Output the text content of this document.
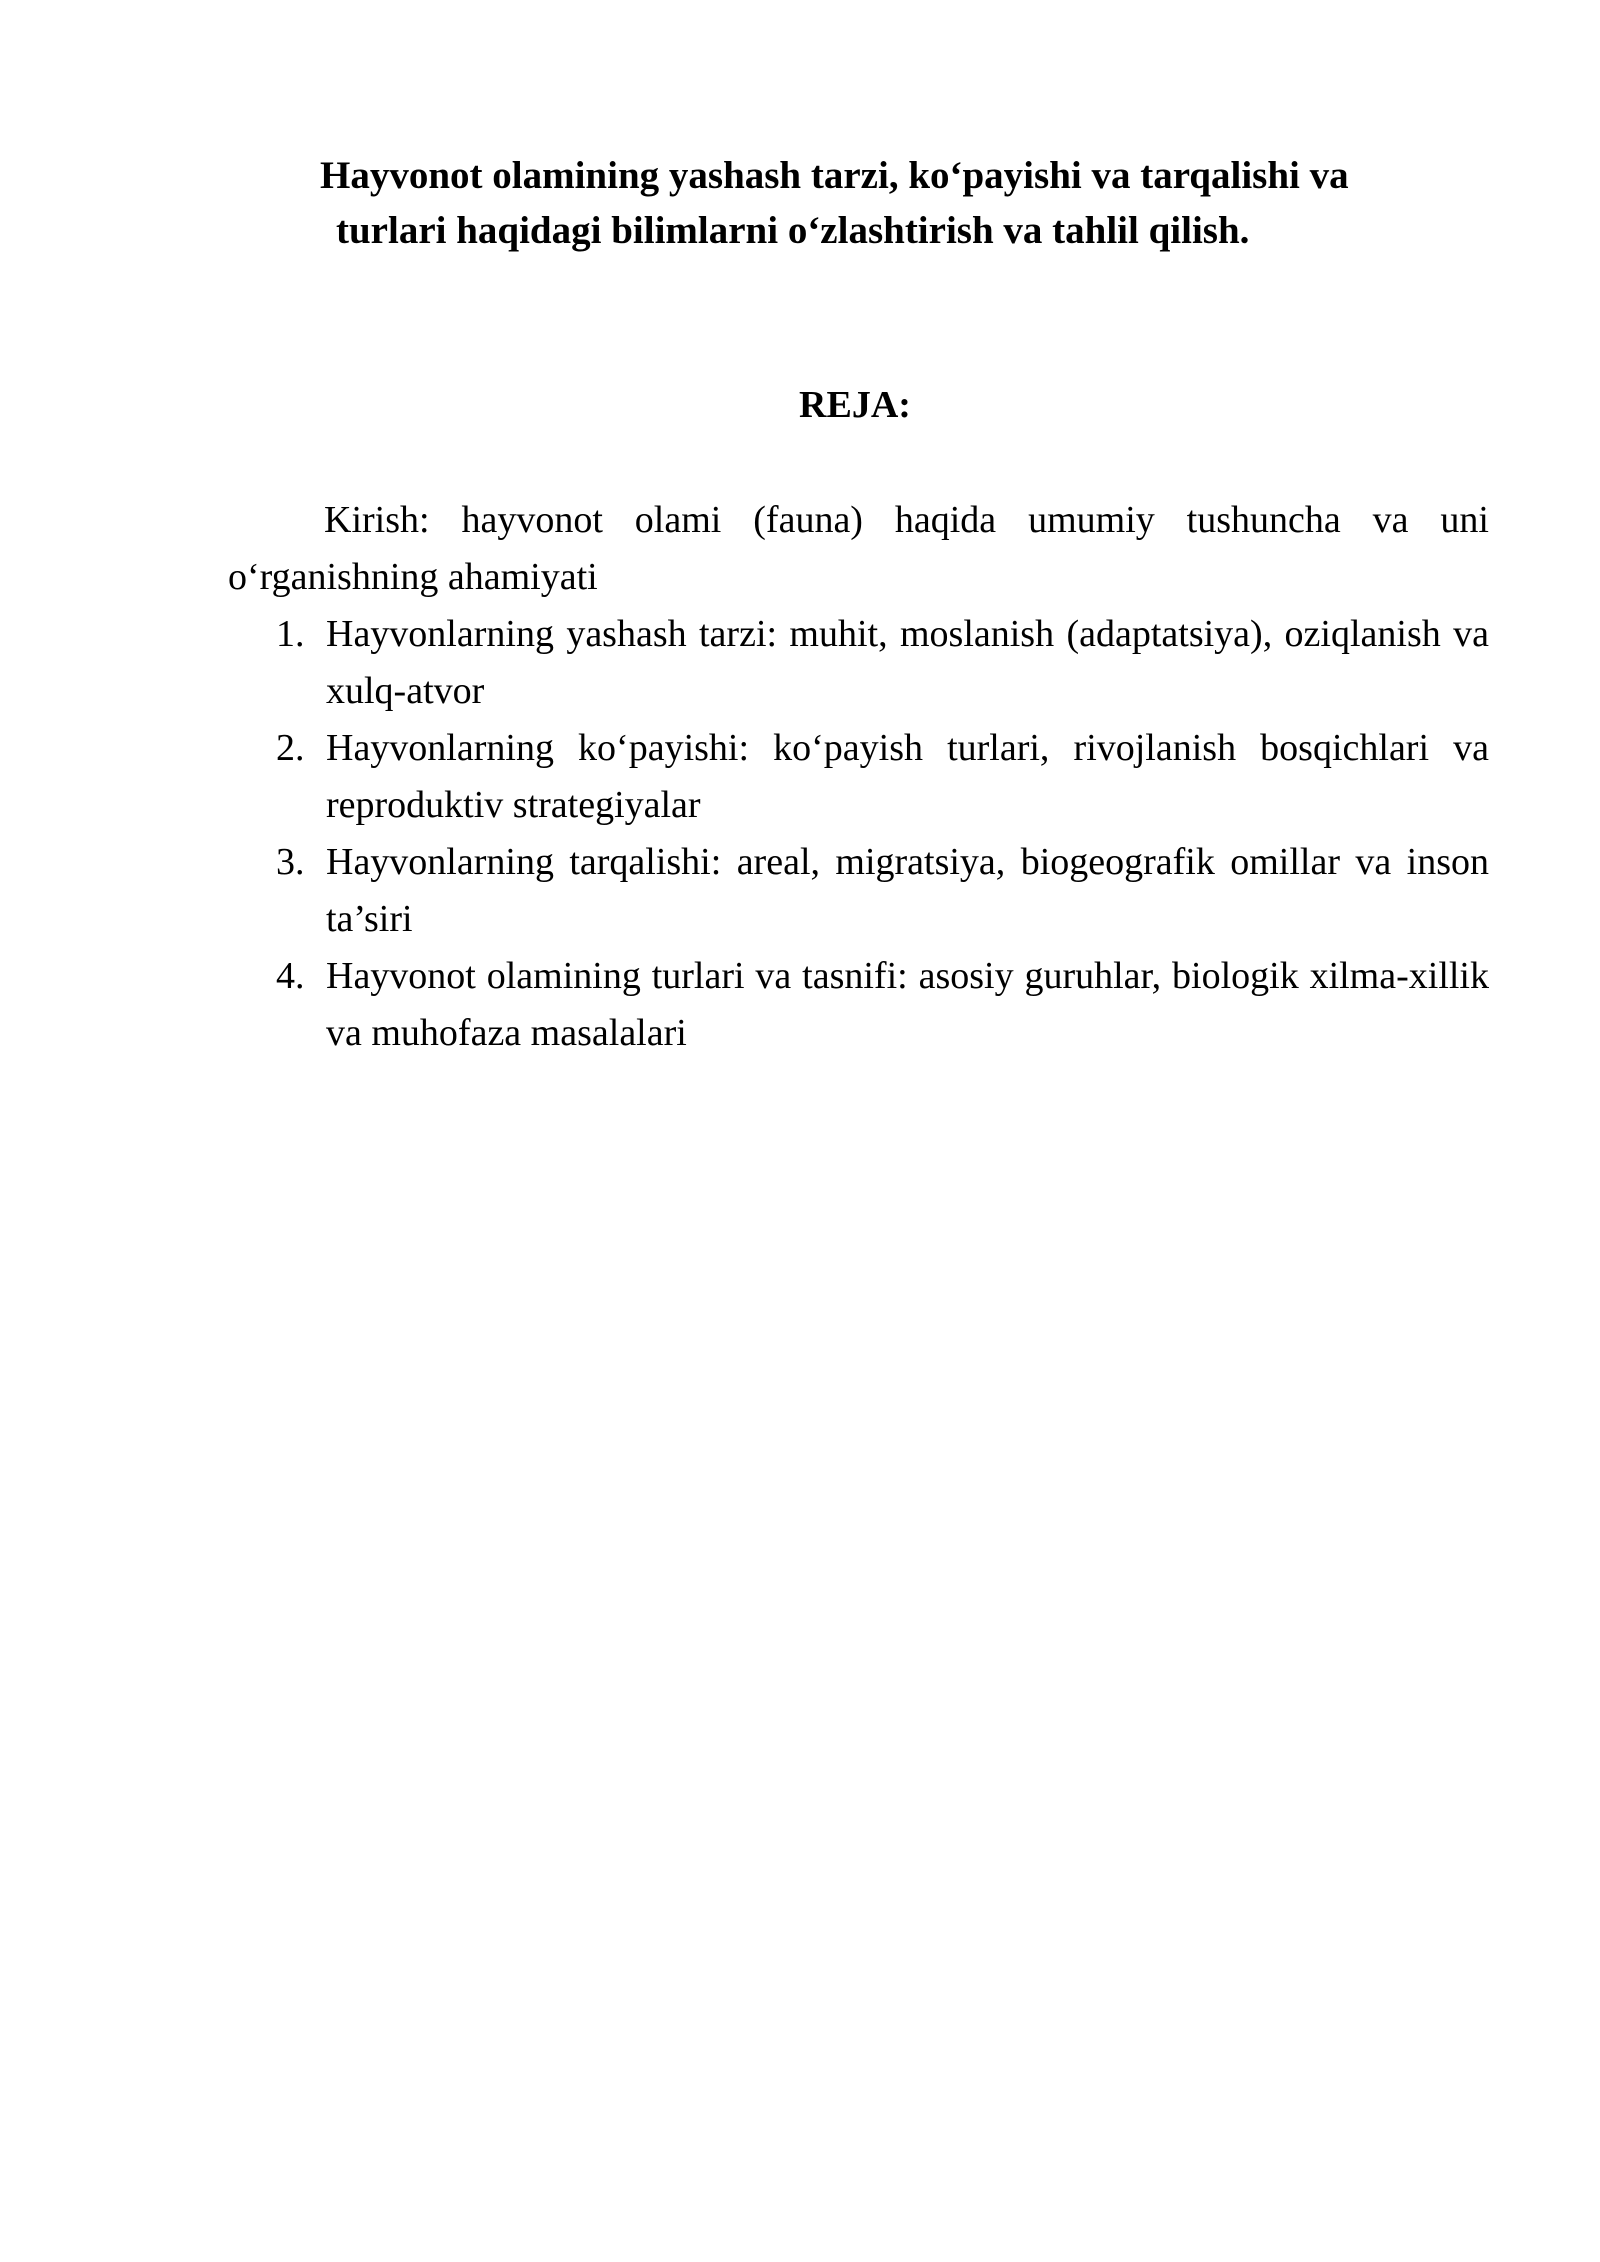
Hayvonot olamining yashash tarzi, ko‘payishi va tarqalishi va
turlari haqidagi bilimlarni o‘zlashtirish va tahlil qilish.
REJA:

Kirish: hayvonot olami (fauna) haqida umumiy tushuncha va uni o‘rganishning ahamiyati

1. Hayvonlarning yashash tarzi: muhit, moslanish (adaptatsiya), oziqlanish va xulq-atvor
2. Hayvonlarning ko‘payishi: ko‘payish turlari, rivojlanish bosqichlari va reproduktiv strategiyalar
3. Hayvonlarning tarqalishi: areal, migratsiya, biogeografik omillar va inson ta’siri
4. Hayvonot olamining turlari va tasnifi: asosiy guruhlar, biologik xilma-xillik va muhofaza masalalari
